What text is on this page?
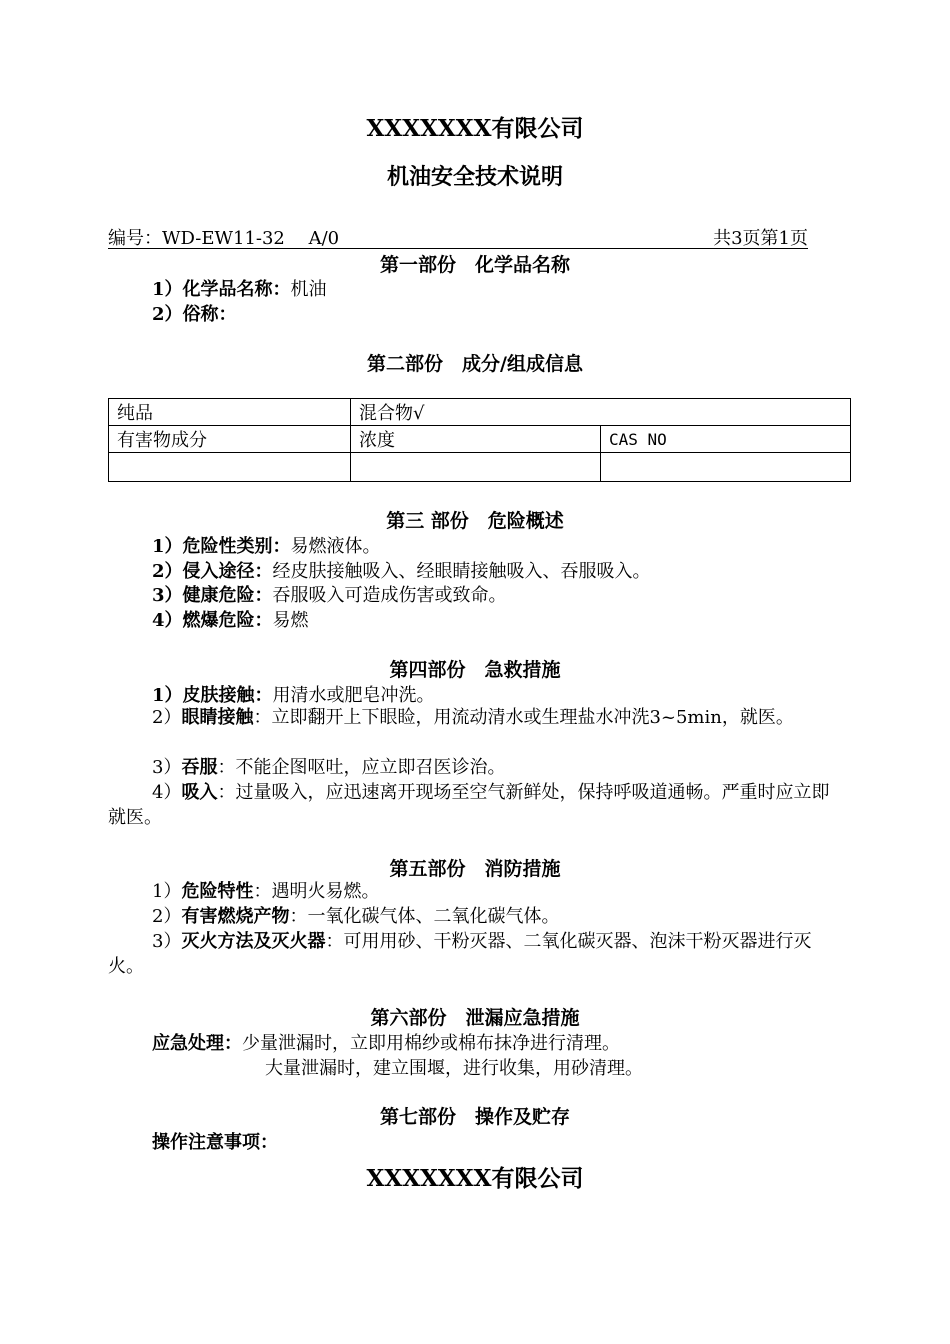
XXXXXXX有限公司
机油安全技术说明
编号：WD-EW11-32　 A/0	共3页第1页
第一部份　化学品名称
1）化学品名称：机油
2）俗称：
第二部份　成分/组成信息
纯品	混合物√	
有害物成分	浓度	CAS NO

第三 部份　危险概述
1）危险性类别：易燃液体。
2）侵入途径：经皮肤接触吸入、经眼睛接触吸入、吞服吸入。
3）健康危险：吞服吸入可造成伤害或致命。
4）燃爆危险：易燃
第四部份　急救措施
1）皮肤接触：用清水或肥皂冲洗。
2）眼睛接触：立即翻开上下眼睑，用流动清水或生理盐水冲洗3~5min，就医。
3）吞服：不能企图呕吐，应立即召医诊治。
4）吸入：过量吸入，应迅速离开现场至空气新鲜处，保持呼吸道通畅。严重时应立即就医。
第五部份　消防措施
1）危险特性：遇明火易燃。
2）有害燃烧产物：一氧化碳气体、二氧化碳气体。
3）灭火方法及灭火器：可用用砂、干粉灭器、二氧化碳灭器、泡沫干粉灭器进行灭火。
第六部份　泄漏应急措施
应急处理：少量泄漏时，立即用棉纱或棉布抹净进行清理。
大量泄漏时，建立围堰，进行收集，用砂清理。
第七部份　操作及贮存
操作注意事项：
XXXXXXX有限公司
